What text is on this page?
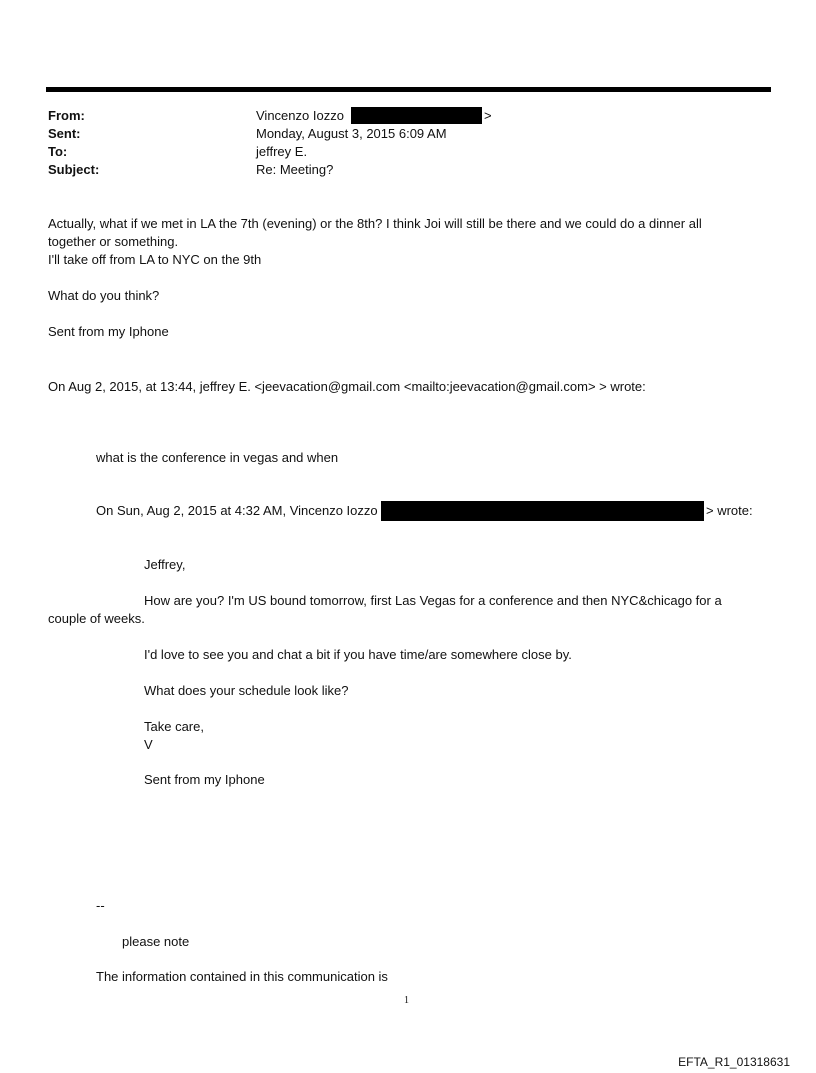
From:	Vincenzo Iozzo	>
Sent:	Monday, August 3, 2015 6:09 AM
To:	jeffrey E.
Subject:	Re: Meeting?
Actually, what if we met in LA the 7th (evening) or the 8th? I think Joi will still be there and we could do a dinner all
together or something.
I'll take off from LA to NYC on the 9th
What do you think?
Sent from my Iphone
On Aug 2, 2015, at 13:44, jeffrey E. <jeevacation@gmail.com <mailto:jeevacation@gmail.com> > wrote:
what is the conference in vegas and when
On Sun, Aug 2, 2015 at 4:32 AM, Vincenzo Iozzo	> wrote:
Jeffrey,
How are you? I'm US bound tomorrow, first Las Vegas for a conference and then NYC&chicago for a
couple of weeks.
I'd love to see you and chat a bit if you have time/are somewhere close by.
What does your schedule look like?
Take care,
V
Sent from my Iphone
--
please note
The information contained in this communication is
1
EFTA_R1_01318631
